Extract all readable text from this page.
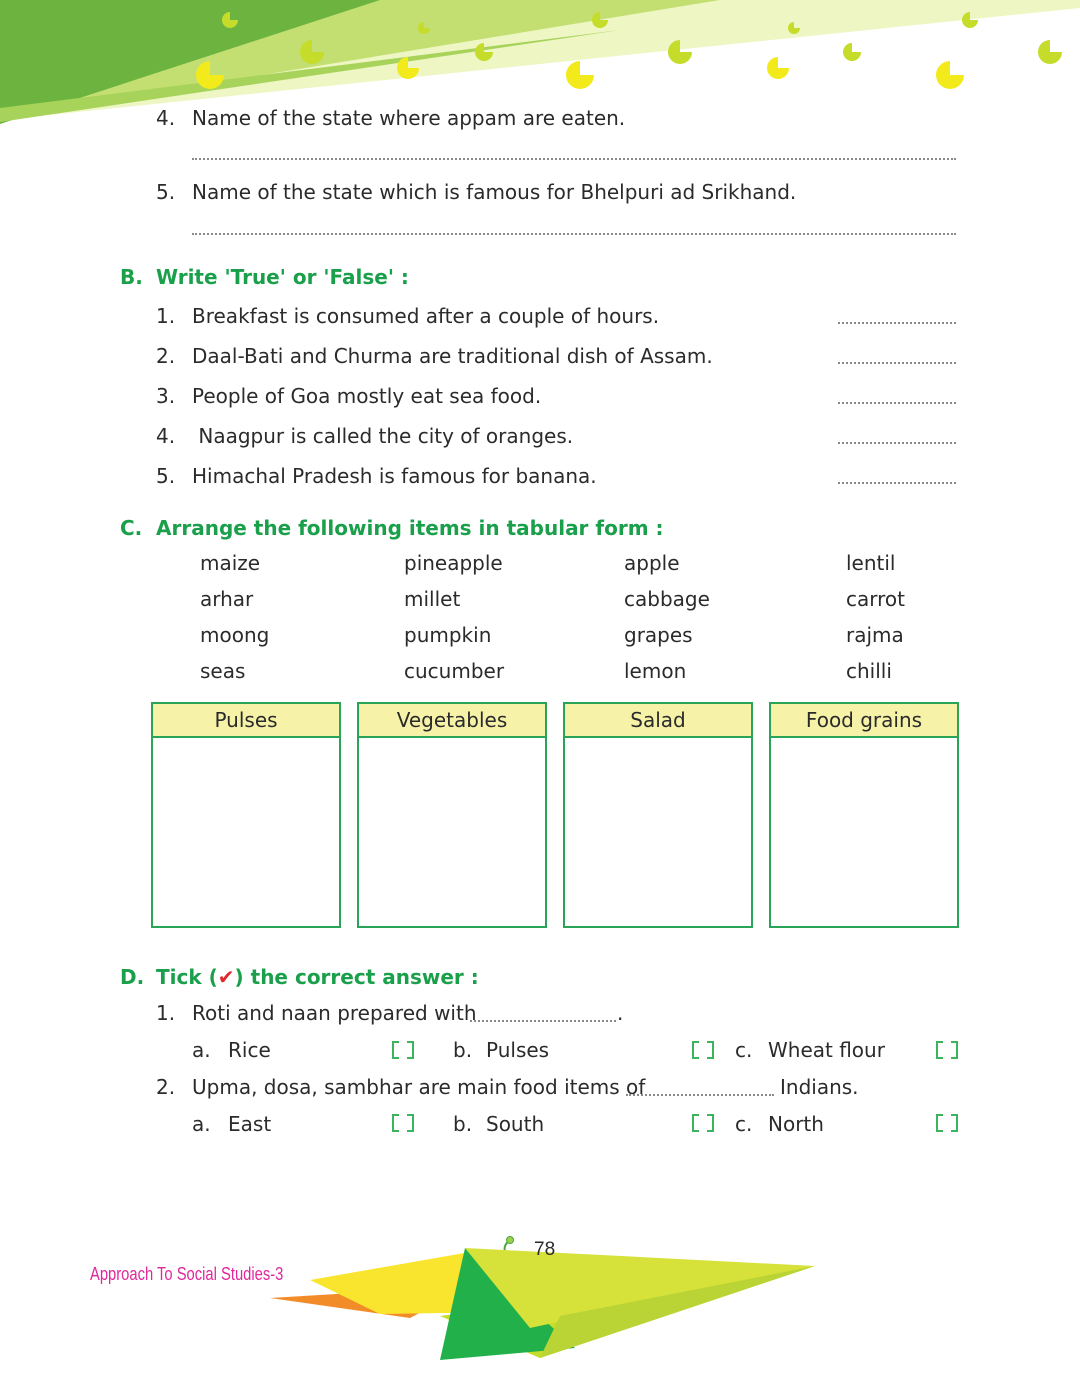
4. Name of the state where appam are eaten.
5. Name of the state which is famous for Bhelpuri ad Srikhand.
B. Write 'True' or 'False' :
1. Breakfast is consumed after a couple of hours.
2. Daal-Bati and Churma are traditional dish of Assam.
3. People of Goa mostly eat sea food.
4. Naagpur is called the city of oranges.
5. Himachal Pradesh is famous for banana.
C. Arrange the following items in tabular form :
maize	pineapple	apple	lentil
arhar	millet	cabbage	carrot
moong	pumpkin	grapes	rajma
seas	cucumber	lemon	chilli
Pulses	Vegetables	Salad	Food grains
D. Tick (✔) the correct answer :
1. Roti and naan prepared with	.
a. Rice	b. Pulses	c. Wheat flour
2. Upma, dosa, sambhar are main food items of	Indians.
a. East	b. South	c. North
Approach To Social Studies-3
78
